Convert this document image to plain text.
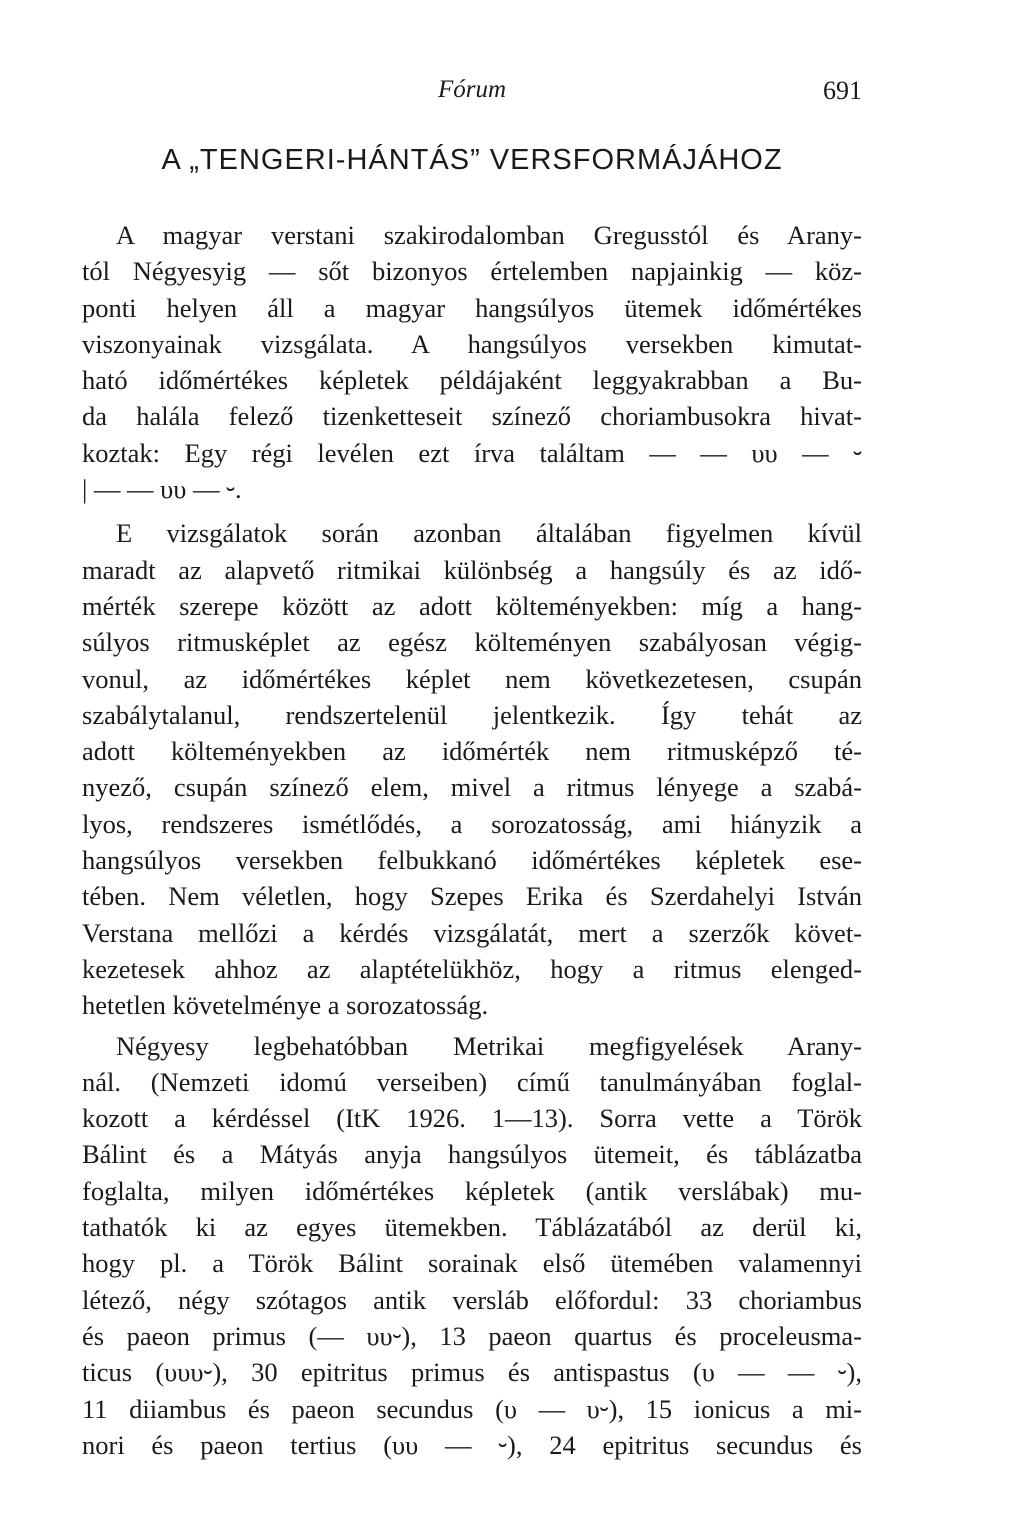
Fórum	691
A „TENGERI-HÁNTÁS” VERSFORMÁJÁHOZ

A magyar verstani szakirodalomban Gregusstól és Arany-
tól Négyesyig — sőt bizonyos értelemben napjainkig — köz-
ponti helyen áll a magyar hangsúlyos ütemek időmértékes
viszonyainak vizsgálata. A hangsúlyos versekben kimutat-
ható időmértékes képletek példájaként leggyakrabban a Bu-
da halála felező tizenketteseit színező choriambusokra hivat-
koztak: Egy régi levélen ezt írva találtam — — υυ — ⏑
| — — υυ — ⏑.

E vizsgálatok során azonban általában figyelmen kívül
maradt az alapvető ritmikai különbség a hangsúly és az idő-
mérték szerepe között az adott költeményekben: míg a hang-
súlyos ritmusképlet az egész költeményen szabályosan végig-
vonul, az időmértékes képlet nem következetesen, csupán
szabálytalanul, rendszertelenül jelentkezik. Így tehát az
adott költeményekben az időmérték nem ritmusképző té-
nyező, csupán színező elem, mivel a ritmus lényege a szabá-
lyos, rendszeres ismétlődés, a sorozatosság, ami hiányzik a
hangsúlyos versekben felbukkanó időmértékes képletek ese-
tében. Nem véletlen, hogy Szepes Erika és Szerdahelyi István
Verstana mellőzi a kérdés vizsgálatát, mert a szerzők követ-
kezetesek ahhoz az alaptételükhöz, hogy a ritmus elenged-
hetetlen követelménye a sorozatosság.

Négyesy legbehatóbban Metrikai megfigyelések Arany-
nál. (Nemzeti idomú verseiben) című tanulmányában foglal-
kozott a kérdéssel (ItK 1926. 1—13). Sorra vette a Török
Bálint és a Mátyás anyja hangsúlyos ütemeit, és táblázatba
foglalta, milyen időmértékes képletek (antik verslábak) mu-
tathatók ki az egyes ütemekben. Táblázatából az derül ki,
hogy pl. a Török Bálint sorainak első ütemében valamennyi
létező, négy szótagos antik versláb előfordul: 33 choriambus
és paeon primus (— υυ⏑), 13 paeon quartus és proceleusma-
ticus (υυυ⏑), 30 epitritus primus és antispastus (υ — — ⏑),
11 diiambus és paeon secundus (υ — υ⏑), 15 ionicus a mi-
nori és paeon tertius (υυ — ⏑), 24 epitritus secundus és
